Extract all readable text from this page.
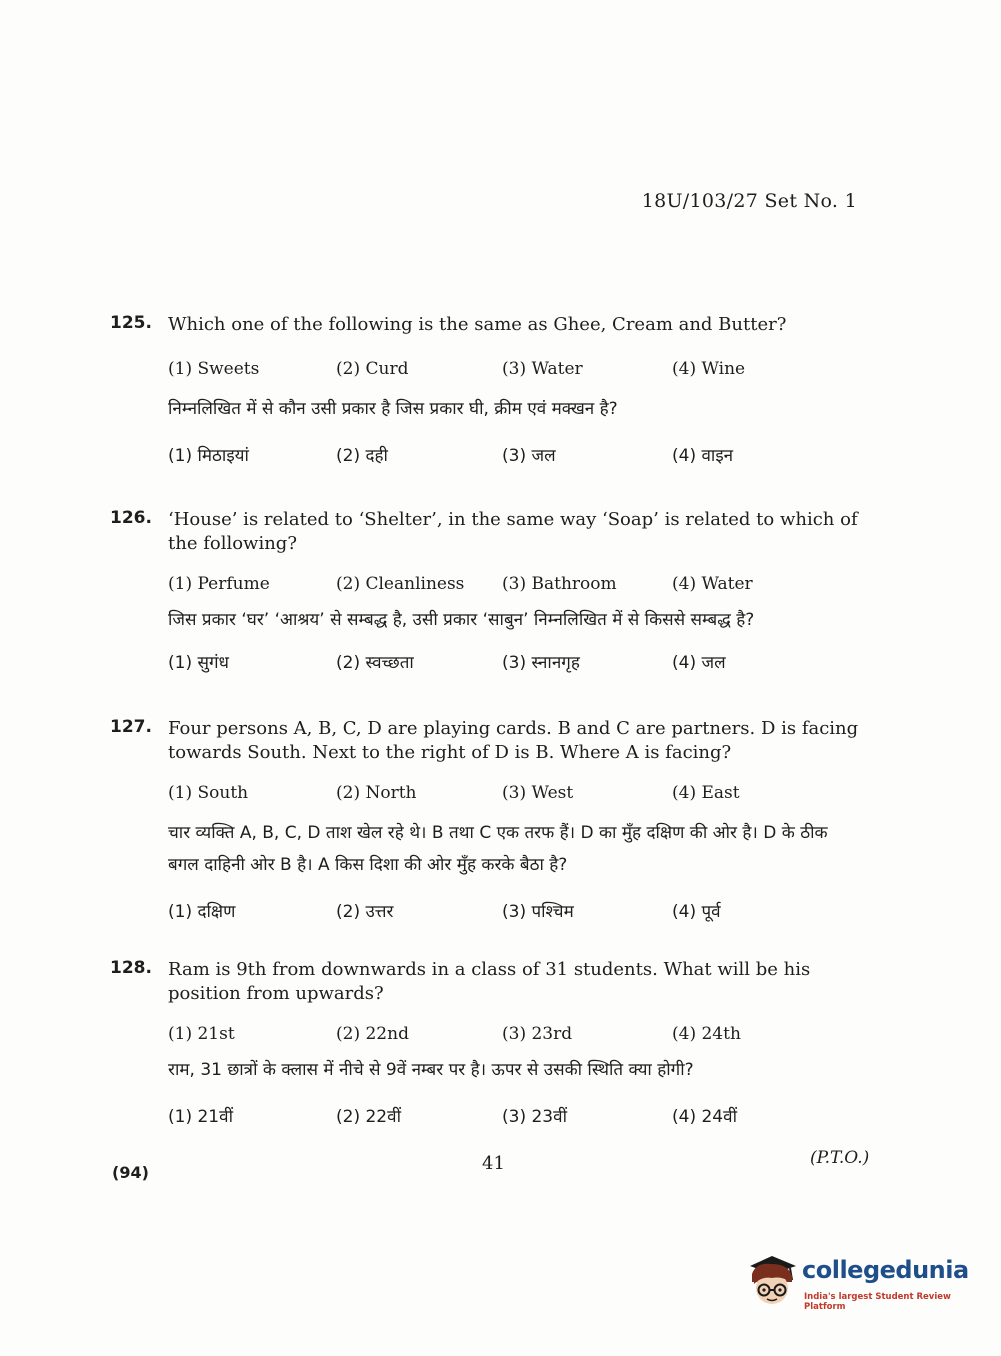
18U/103/27 Set No. 1
125. Which one of the following is the same as Ghee, Cream and Butter?
(1) Sweets	(2) Curd	(3) Water	(4) Wine
निम्नलिखित में से कौन उसी प्रकार है जिस प्रकार घी, क्रीम एवं मक्खन है?
(1) मिठाइयां	(2) दही	(3) जल	(4) वाइन
126. ‘House’ is related to ‘Shelter’, in the same way ‘Soap’ is related to which of the following?
(1) Perfume	(2) Cleanliness (3) Bathroom	(4) Water
जिस प्रकार ‘घर’ ‘आश्रय’ से सम्बद्ध है, उसी प्रकार ‘साबुन’ निम्नलिखित में से किससे सम्बद्ध है?
(1) सुगंध	(2) स्वच्छता	(3) स्नानगृह	(4) जल
127. Four persons A, B, C, D are playing cards. B and C are partners. D is facing towards South. Next to the right of D is B. Where A is facing?
(1) South	(2) North	(3) West	(4) East
चार व्यक्ति A, B, C, D ताश खेल रहे थे। B तथा C एक तरफ हैं। D का मुँह दक्षिण की ओर है। D के ठीक बगल दाहिनी ओर B है। A किस दिशा की ओर मुँह करके बैठा है?
(1) दक्षिण	(2) उत्तर	(3) पश्चिम	(4) पूर्व
128. Ram is 9th from downwards in a class of 31 students. What will be his position from upwards?
(1) 21st	(2) 22nd	(3) 23rd	(4) 24th
राम, 31 छात्रों के क्लास में नीचे से 9वें नम्बर पर है। ऊपर से उसकी स्थिति क्या होगी?
(1) 21वीं	(2) 22वीं	(3) 23वीं	(4) 24वीं
(94)	41	(P.T.O.)
collegedunia
India's largest Student Review Platform
